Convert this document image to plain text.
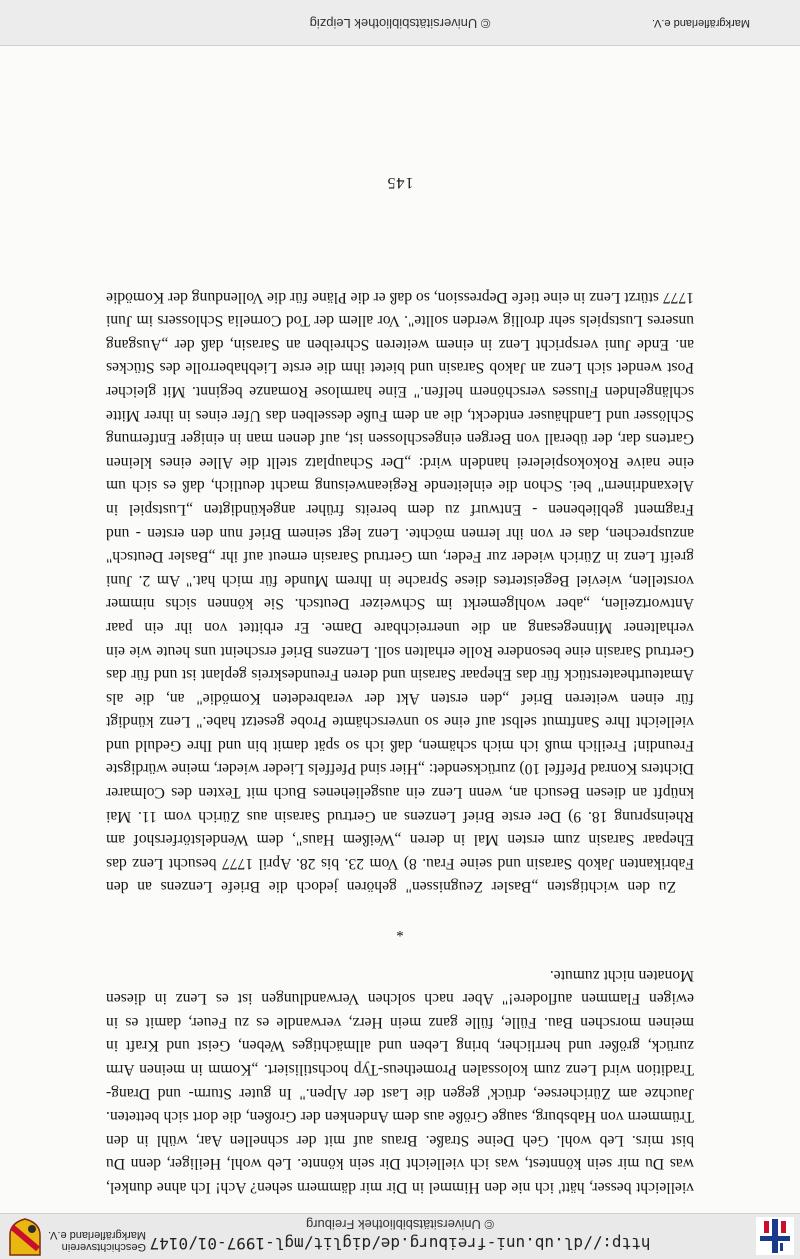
http://dl.ub.uni-freiburg.de/diglit/mgl-1997-01/0147
© Universitätsbibliothek Freiburg
Geschichtsverein
Markgräflerland e.V.

vielleicht besser, hätt' ich nie den Himmel in Dir mir dämmern sehen? Ach! Ich ahne dunkel, was Du mir sein könntest, was ich vielleicht Dir sein könnte. Leb wohl, Heiliger, denn Du bist mirs. Leb wohl. Geh Deine Straße. Braus auf mit der schnellen Aar, wühl in den Trümmern von Habsburg, sauge Größe aus dem Andenken der Großen, die dort sich betteten. Jauchze am Zürichersee, drück' gegen die Last der Alpen." In guter Sturm- und Drang-Tradition wird Lenz zum kolossalen Prometheus-Typ hochstilisiert. „Komm in meinen Arm zurück, größer und herrlicher, bring Leben und allmächtiges Weben, Geist und Kraft in meinen morschen Bau. Fülle, fülle ganz mein Herz, verwandle es zu Feuer, damit es in ewigen Flammen auflodere!" Aber nach solchen Verwandlungen ist es Lenz in diesen Monaten nicht zumute.

*

Zu den wichtigsten „Basler Zeugnissen" gehören jedoch die Briefe Lenzens an den Fabrikanten Jakob Sarasin und seine Frau. 8) Vom 23. bis 28. April 1777 besucht Lenz das Ehepaar Sarasin zum ersten Mal in deren „Weißem Haus", dem Wendelstörfershof am Rheinsprung 18. 9) Der erste Brief Lenzens an Gertrud Sarasin aus Zürich vom 11. Mai knüpft an diesen Besuch an, wenn Lenz ein ausgeliehenes Buch mit Texten des Colmarer Dichters Konrad Pfeffel 10) zurücksendet: „Hier sind Pfeffels Lieder wieder, meine würdigste Freundin! Freilich muß ich mich schämen, daß ich so spät damit bin und Ihre Geduld und vielleicht Ihre Sanftmut selbst auf eine so unverschämte Probe gesetzt habe." Lenz kündigt für einen weiteren Brief „den ersten Akt der verabredeten Komödie" an, die als Amateurtheaterstück für das Ehepaar Sarasin und deren Freundeskreis geplant ist und für das Gertrud Sarasin eine besondere Rolle erhalten soll. Lenzens Brief erscheint uns heute wie ein verhaltener Minnegesang an die unerreichbare Dame. Er erbittet von ihr ein paar Antwortzeilen, „aber wohlgemerkt im Schweizer Deutsch. Sie können sichs nimmer vorstellen, wieviel Begeistertes diese Sprache in Ihrem Munde für mich hat." Am 2. Juni greift Lenz in Zürich wieder zur Feder, um Gertrud Sarasin erneut auf ihr „Basler Deutsch" anzusprechen, das er von ihr lernen möchte. Lenz legt seinem Brief nun den ersten - und Fragment gebliebenen - Entwurf zu dem bereits früher angekündigten „Lustspiel in Alexandrinern" bei. Schon die einleitende Regieanweisung macht deutlich, daß es sich um eine naive Rokokospielerei handeln wird: „Der Schauplatz stellt die Allee eines kleinen Gartens dar, der überall von Bergen eingeschlossen ist, auf denen man in einiger Entfernung Schlösser und Landhäuser entdeckt, die an dem Fuße desselben das Ufer eines in ihrer Mitte schlängelnden Flusses verschönern helfen." Eine harmlose Romanze beginnt. Mit gleicher Post wendet sich Lenz an Jakob Sarasin und bietet ihm die erste Liebhaberrolle des Stückes an. Ende Juni verspricht Lenz in einem weiteren Schreiben an Sarasin, daß der „Ausgang unseres Lustspiels sehr drollig werden sollte". Vor allem der Tod Cornelia Schlossers im Juni 1777 stürzt Lenz in eine tiefe Depression, so daß er die Pläne für die Vollendung der Komödie

145
© Universitätsbibliothek Leipzig	Markgräflerland e.V.
